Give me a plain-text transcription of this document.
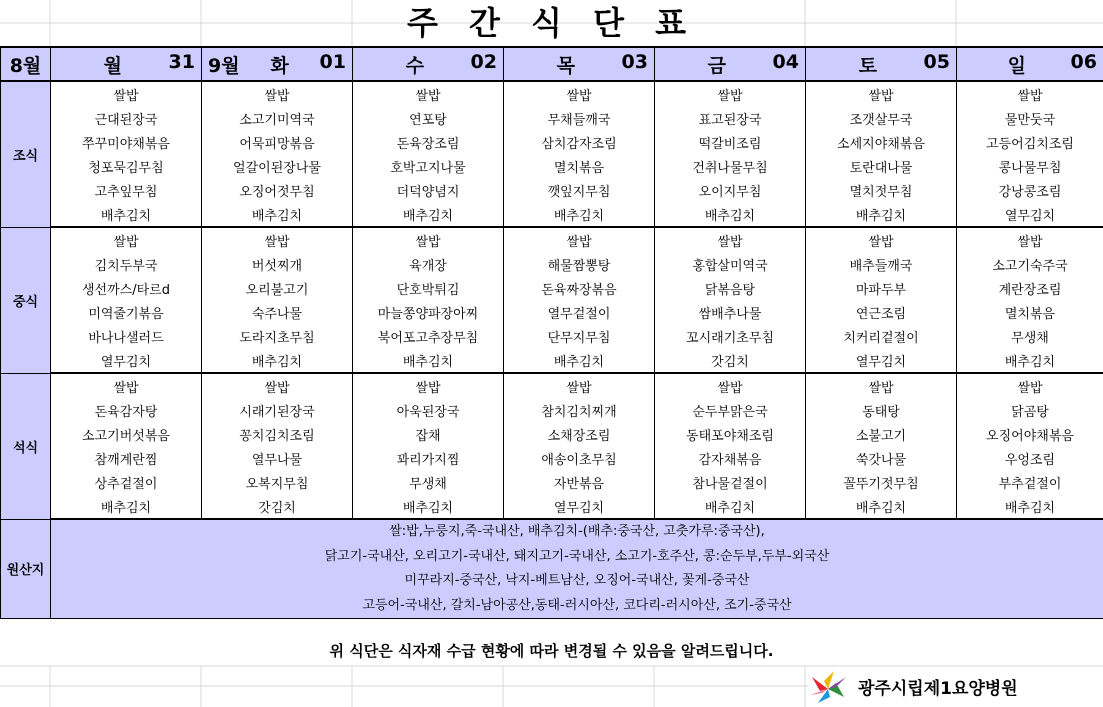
주 간 식 단 표
8월	월 31	9월 화 01	수 02	목 03	금 04	토 05	일 06

조식	쌀밥	쌀밥	쌀밥	쌀밥	쌀밥	쌀밥	쌀밥
	근대된장국	소고기미역국	연포탕	무채들깨국	표고된장국	조갯살무국	물만둣국
	쭈꾸미야채볶음	어묵피망볶음	돈육장조림	삼치감자조림	떡갈비조림	소세지야채볶음	고등어김치조림
	청포묵김무침	얼갈이된장나물	호박고지나물	멸치볶음	건취나물무침	토란대나물	콩나물무침
	고추잎무침	오징어젓무침	더덕양념지	깻잎지무침	오이지무침	멸치젓무침	강낭콩조림
	배추김치	배추김치	배추김치	배추김치	배추김치	배추김치	열무김치
중식	쌀밥	쌀밥	쌀밥	쌀밥	쌀밥	쌀밥	쌀밥
	김치두부국	버섯찌개	육개장	해물짬뽕탕	홍합살미역국	배추들깨국	소고기숙주국
	생선까스/타르d	오리불고기	단호박튀김	돈육짜장볶음	닭볶음탕	마파두부	계란장조림
	미역줄기볶음	숙주나물	마늘쫑양파장아찌	열무겉절이	쌈배추나물	연근조림	멸치볶음
	바나나샐러드	도라지초무침	북어포고추장무침	단무지무침	꼬시래기초무침	치커리겉절이	무생채
	열무김치	배추김치	배추김치	배추김치	갓김치	열무김치	배추김치
석식	쌀밥	쌀밥	쌀밥	쌀밥	쌀밥	쌀밥	쌀밥
	돈육감자탕	시래기된장국	아욱된장국	참치김치찌개	순두부맑은국	동태탕	닭곰탕
	소고기버섯볶음	꽁치김치조림	잡채	소채장조림	동태포야채조림	소불고기	오징어야채볶음
	참깨계란찜	열무나물	꽈리가지찜	애송이초무침	감자채볶음	쑥갓나물	우엉조림
	상추겉절이	오복지무침	무생채	자반볶음	참나물겉절이	꼴뚜기젓무침	부추겉절이
	배추김치	갓김치	배추김치	열무김치	배추김치	배추김치	배추김치
원산지	쌀:밥,누룽지,죽-국내산, 배추김치-(배추:중국산, 고춧가루:중국산),
닭고기-국내산, 오리고기-국내산, 돼지고기-국내산, 소고기-호주산, 콩:순두부,두부-외국산
미꾸라지-중국산, 낙지-베트남산, 오징어-국내산, 꽃게-중국산
고등어-국내산, 갈치-남아공산,동태-러시아산, 코다리-러시아산, 조기-중국산						
위 식단은 식자재 수급 현황에 따라 변경될 수 있음을 알려드립니다.
광주시립제1요양병원
